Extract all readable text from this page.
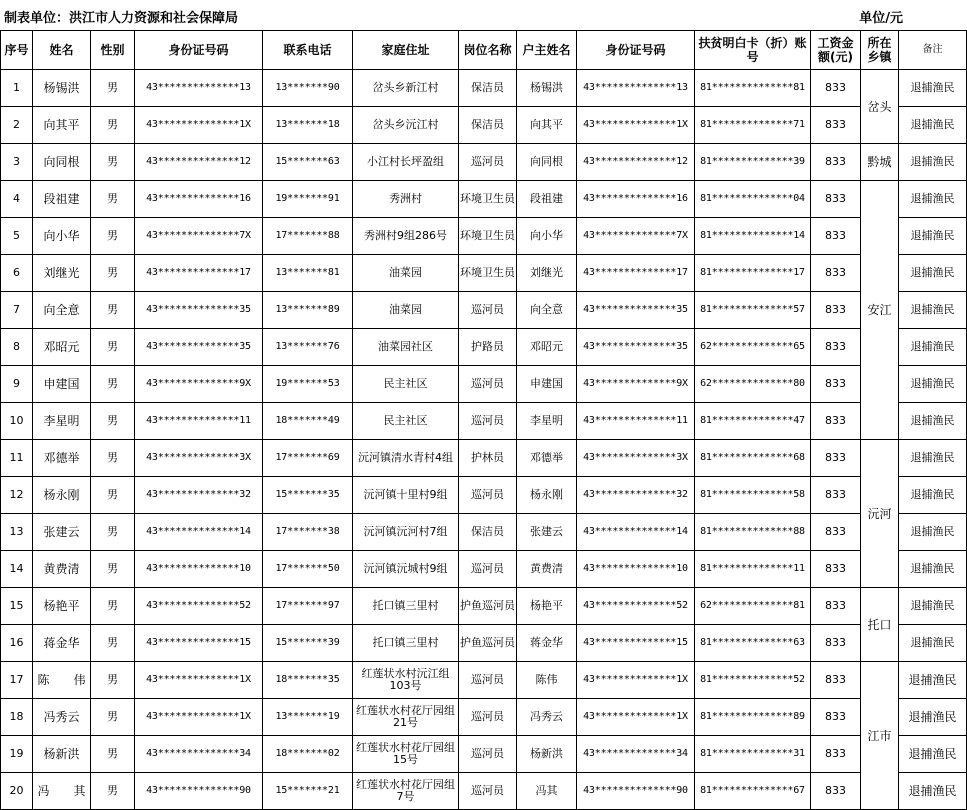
制表单位：洪江市人力资源和社会保障局	单位/元
序号	姓名	性别	身份证号码	联系电话	家庭住址	岗位名称	户主姓名	身份证号码	扶贫明白卡（折）账号	工资金额(元)	所在乡镇	备注
1	杨锡洪	男	43**************13	13*******90	岔头乡新江村	保洁员	杨锡洪	43**************13	81**************81	833	岔头	退捕渔民
2	向其平	男	43**************1X	13*******18	岔头乡沅江村	保洁员	向其平	43**************1X	81**************71	833		退捕渔民
3	向同根	男	43**************12	15*******63	小江村长坪盈组	巡河员	向同根	43**************12	81**************39	833	黔城	退捕渔民
4	段祖建	男	43**************16	19*******91	秀洲村	环境卫生员	段祖建	43**************16	81**************04	833	安江	退捕渔民
5	向小华	男	43**************7X	17*******88	秀洲村9组286号	环境卫生员	向小华	43**************7X	81**************14	833		退捕渔民
6	刘继光	男	43**************17	13*******81	油菜园	环境卫生员	刘继光	43**************17	81**************17	833		退捕渔民
7	向全意	男	43**************35	13*******89	油菜园	巡河员	向全意	43**************35	81**************57	833		退捕渔民
8	邓昭元	男	43**************35	13*******76	油菜园社区	护路员	邓昭元	43**************35	62**************65	833		退捕渔民
9	申建国	男	43**************9X	19*******53	民主社区	巡河员	申建国	43**************9X	62**************80	833		退捕渔民
10	李星明	男	43**************11	18*******49	民主社区	巡河员	李星明	43**************11	81**************47	833		退捕渔民
11	邓德举	男	43**************3X	17*******69	沅河镇清水青村4组	护林员	邓德举	43**************3X	81**************68	833	沅河	退捕渔民
12	杨永刚	男	43**************32	15*******35	沅河镇十里村9组	巡河员	杨永刚	43**************32	81**************58	833		退捕渔民
13	张建云	男	43**************14	17*******38	沅河镇沅河村7组	保洁员	张建云	43**************14	81**************88	833		退捕渔民
14	黄费清	男	43**************10	17*******50	沅河镇沅城村9组	巡河员	黄费清	43**************10	81**************11	833		退捕渔民
15	杨艳平	男	43**************52	17*******97	托口镇三里村	护鱼巡河员	杨艳平	43**************52	62**************81	833	托口	退捕渔民
16	蒋金华	男	43**************15	15*******39	托口镇三里村	护鱼巡河员	蒋金华	43**************15	81**************63	833		退捕渔民
17	陈　　伟	男	43**************1X	18*******35	红莲状水村沅江组103号	巡河员	陈伟	43**************1X	81**************52	833	江市	退捕渔民
18	冯秀云	男	43**************1X	13*******19	红莲状水村花厅园组21号	巡河员	冯秀云	43**************1X	81**************89	833		退捕渔民
19	杨新洪	男	43**************34	18*******02	红莲状水村花厅园组15号	巡河员	杨新洪	43**************34	81**************31	833		退捕渔民
20	冯　　其	男	43**************90	15*******21	红莲状水村花厅园组7号	巡河员	冯其	43**************90	81**************67	833		退捕渔民
